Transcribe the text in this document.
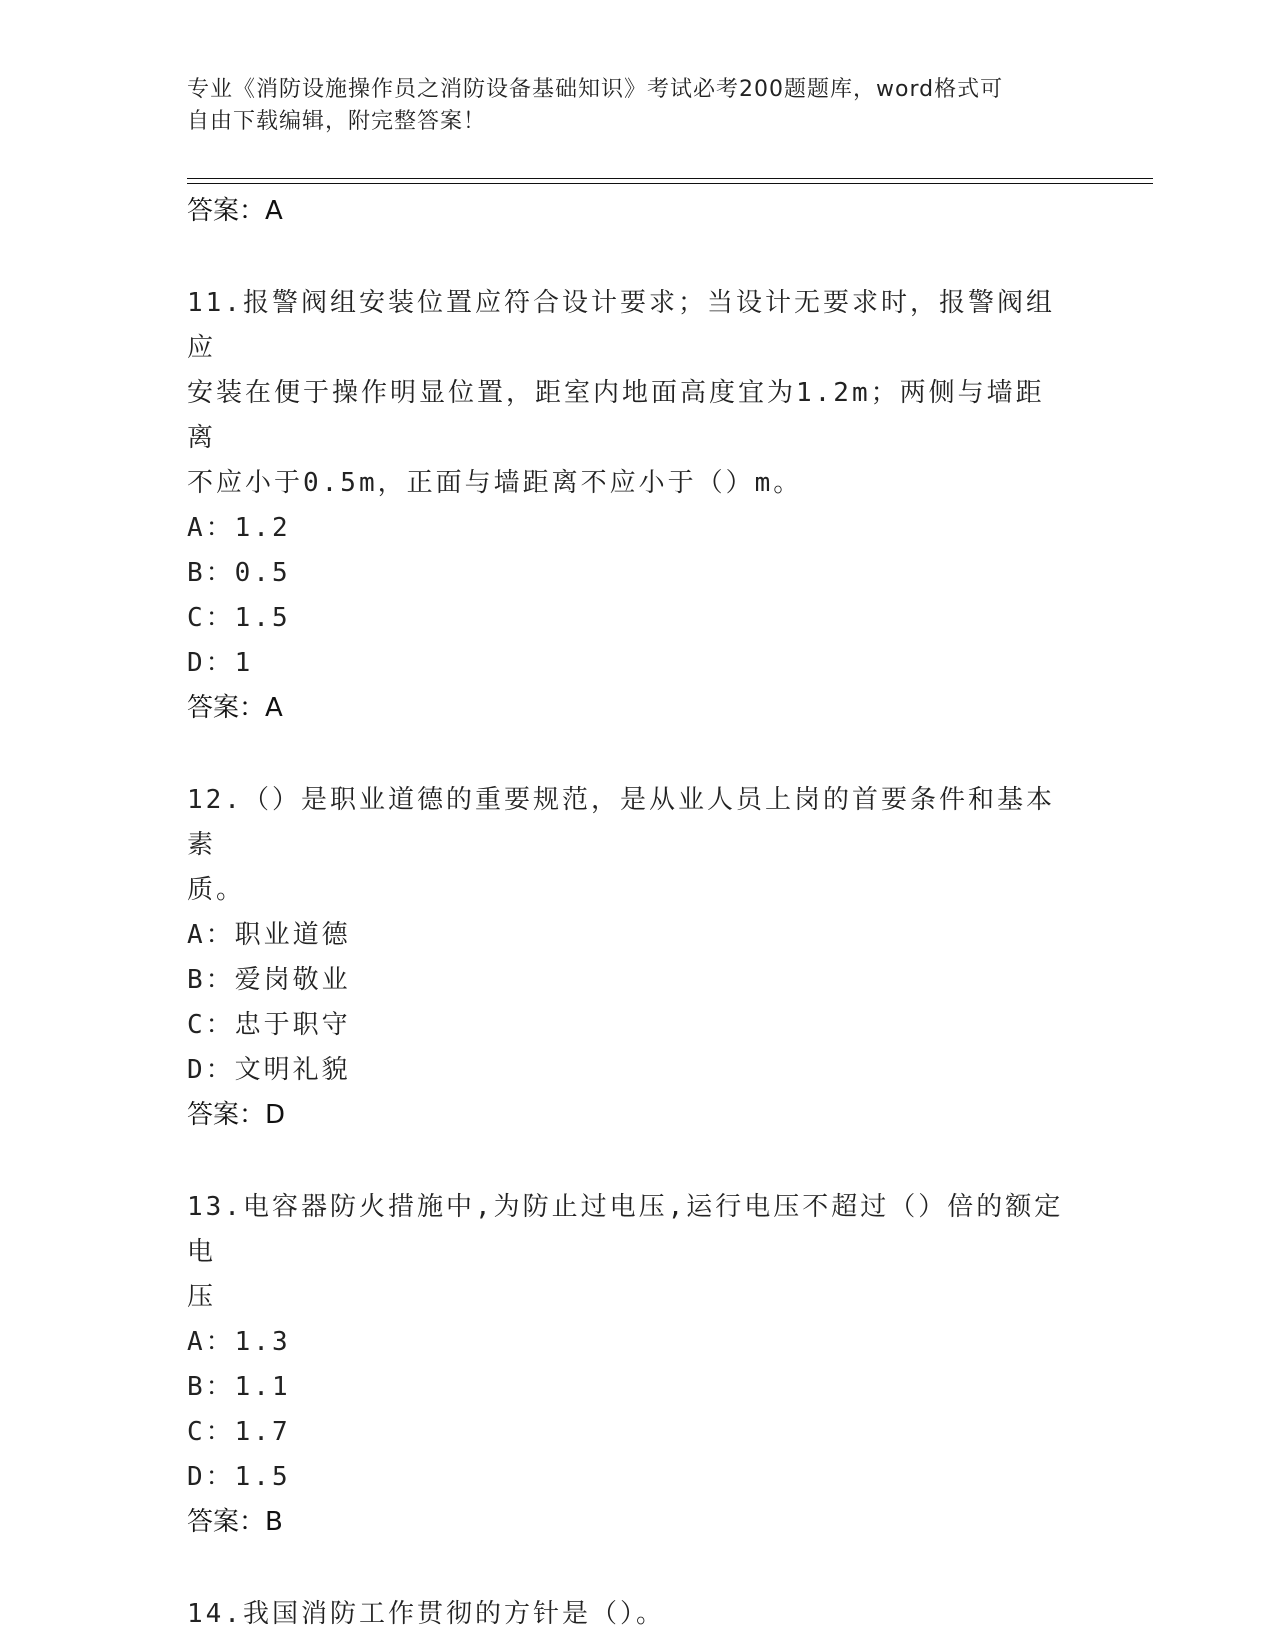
专业《消防设施操作员之消防设备基础知识》考试必考200题题库，word格式可
自由下载编辑，附完整答案！
答案：A
11.报警阀组安装位置应符合设计要求；当设计无要求时，报警阀组应
安装在便于操作明显位置，距室内地面高度宜为1.2m；两侧与墙距离
不应小于0.5m，正面与墙距离不应小于（）m。
A：1.2
B：0.5
C：1.5
D：1
答案：A
12.（）是职业道德的重要规范，是从业人员上岗的首要条件和基本素
质。
A：职业道德
B：爱岗敬业
C：忠于职守
D：文明礼貌
答案：D
13.电容器防火措施中,为防止过电压,运行电压不超过（）倍的额定电
压
A：1.3
B：1.1
C：1.7
D：1.5
答案：B
14.我国消防工作贯彻的方针是（）。
